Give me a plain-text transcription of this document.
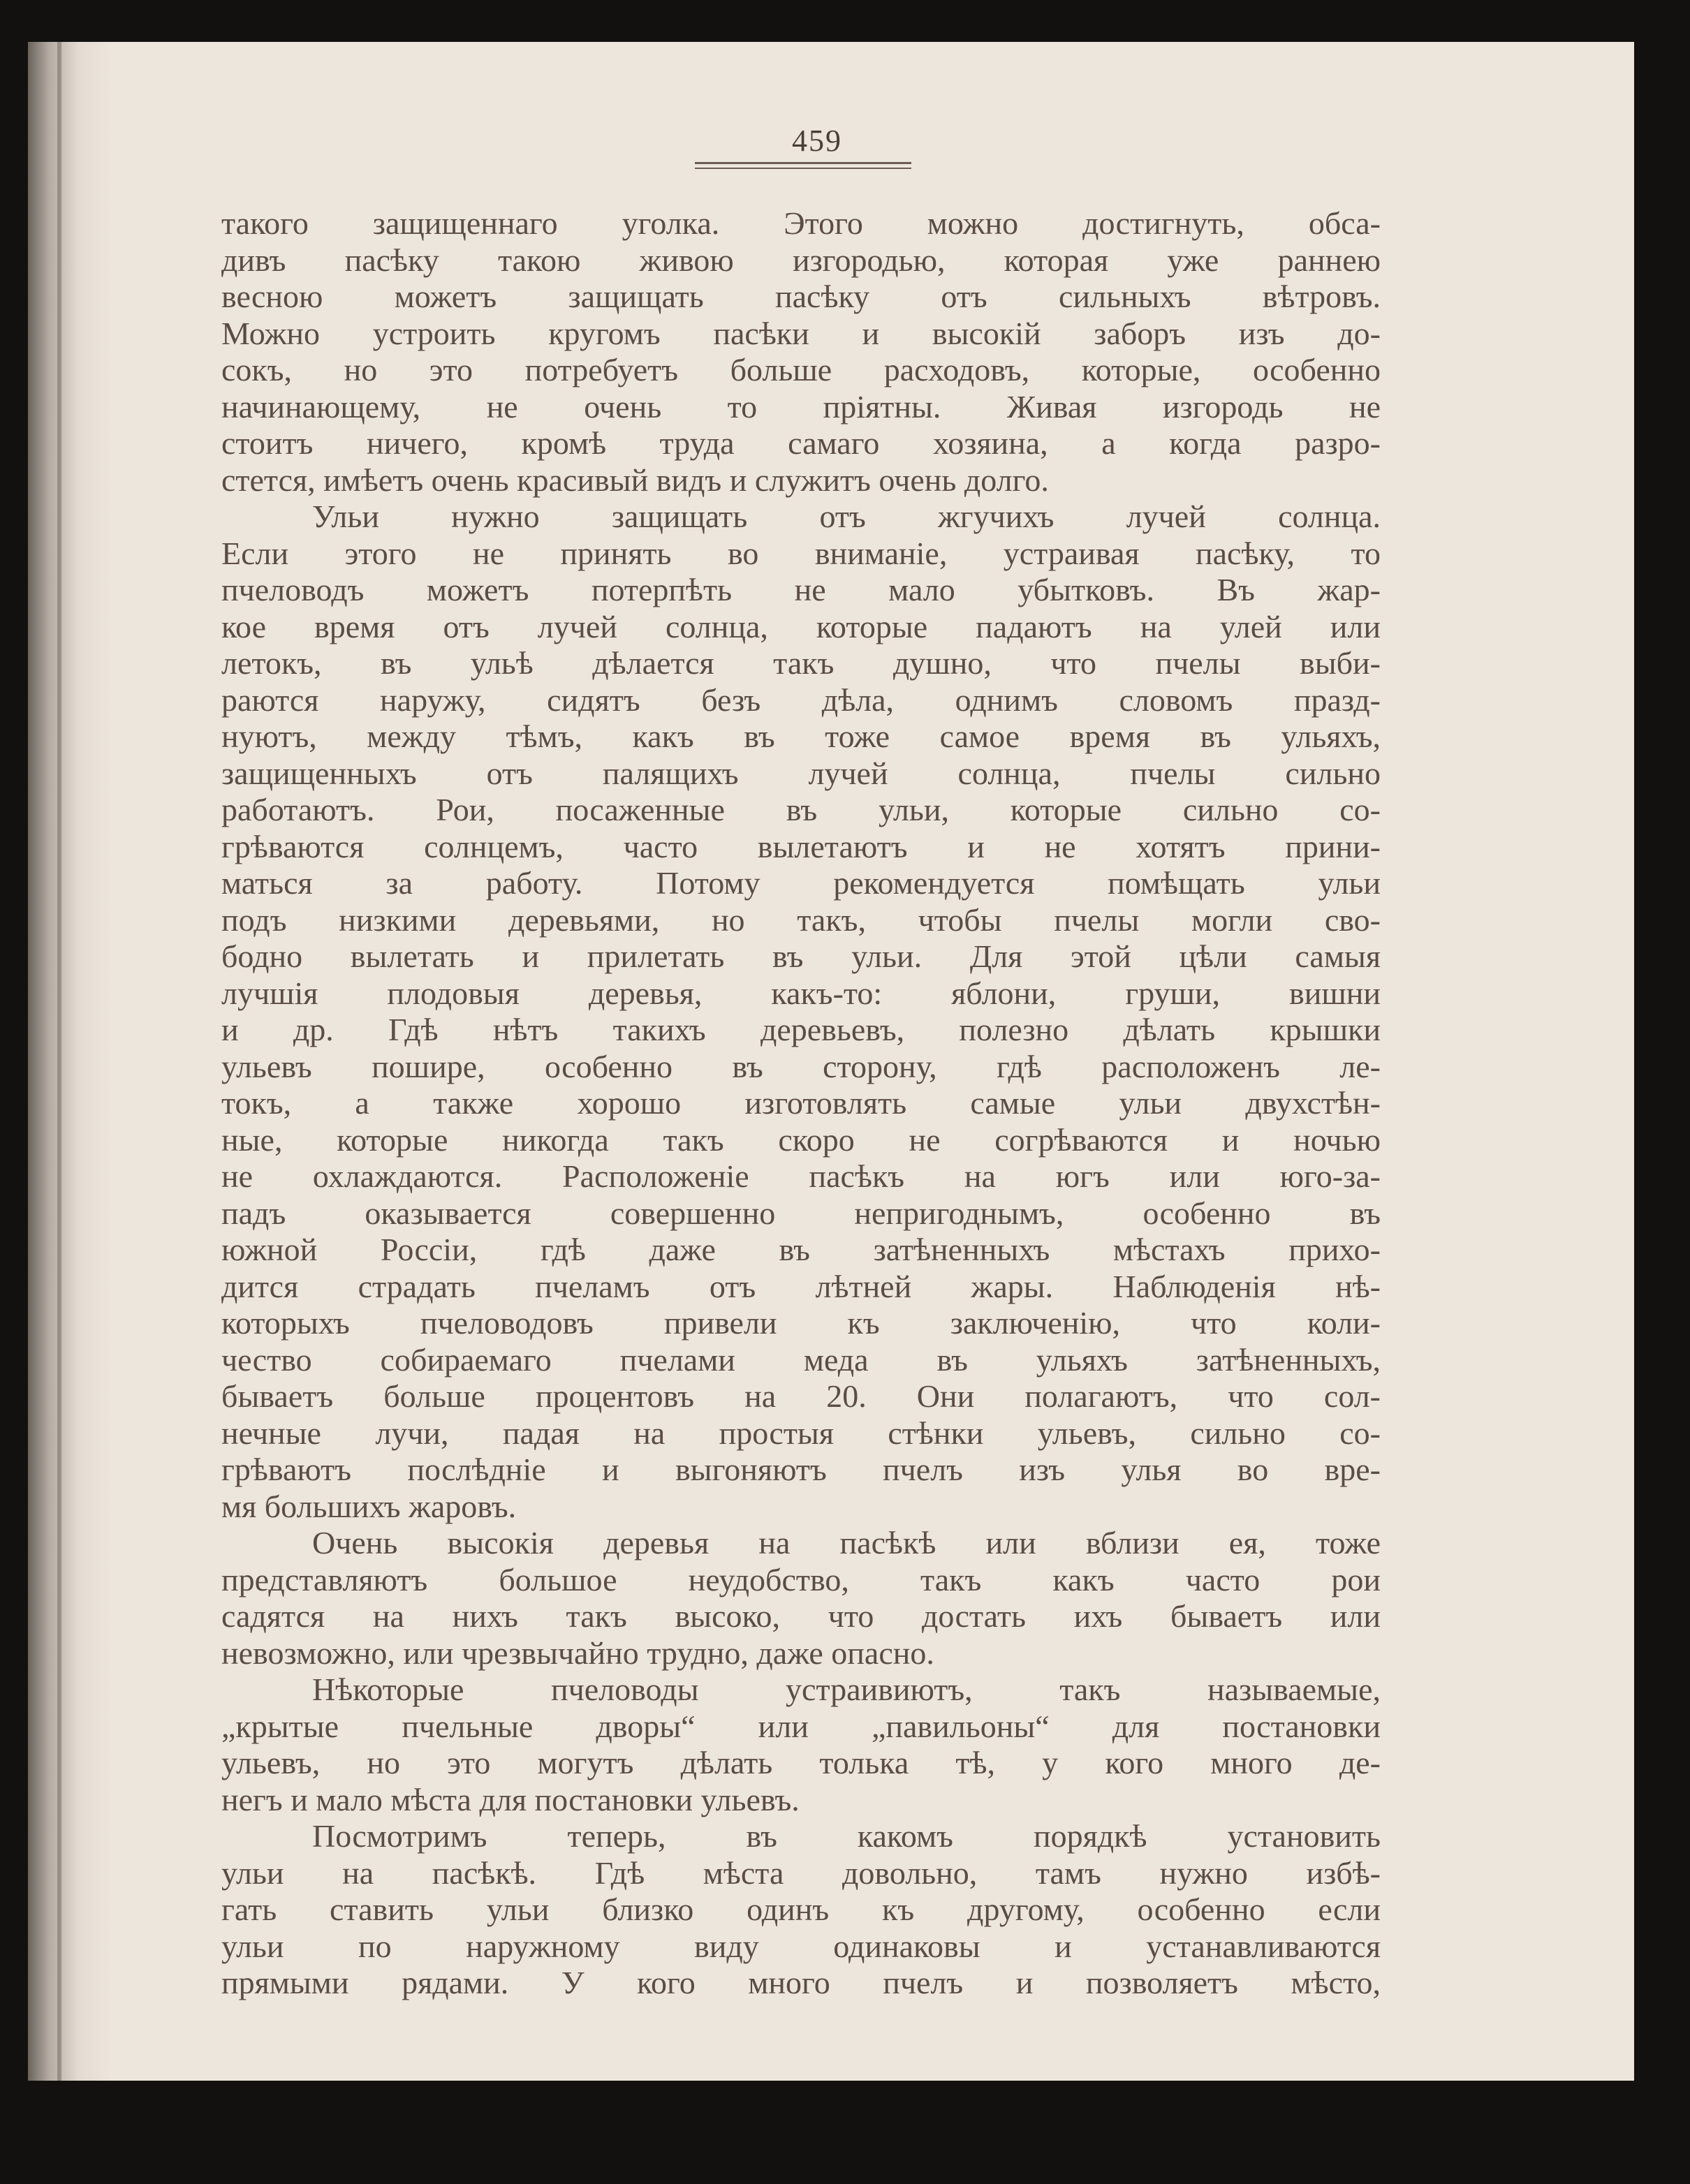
459
такого защищеннаго уголка. Этого можно достигнуть, обса-
дивъ пасѣку такою живою изгородью, которая уже раннею
весною можетъ защищать пасѣку отъ сильныхъ вѣтровъ.
Можно устроить кругомъ пасѣки и высокій заборъ изъ до-
сокъ, но это потребуетъ больше расходовъ, которые, особенно
начинающему, не очень то пріятны. Живая изгородь не
стоитъ ничего, кромѣ труда самаго хозяина, а когда разро-
стется, имѣетъ очень красивый видъ и служитъ очень долго.
Ульи нужно защищать отъ жгучихъ лучей солнца.
Если этого не принять во вниманіе, устраивая пасѣку, то
пчеловодъ можетъ потерпѣть не мало убытковъ. Въ жар-
кое время отъ лучей солнца, которые падаютъ на улей или
летокъ, въ ульѣ дѣлается такъ душно, что пчелы выби-
раются наружу, сидятъ безъ дѣла, однимъ словомъ празд-
нуютъ, между тѣмъ, какъ въ тоже самое время въ ульяхъ,
защищенныхъ отъ палящихъ лучей солнца, пчелы сильно
работаютъ. Рои, посаженные въ ульи, которые сильно со-
грѣваются солнцемъ, часто вылетаютъ и не хотятъ прини-
маться за работу. Потому рекомендуется помѣщать ульи
подъ низкими деревьями, но такъ, чтобы пчелы могли сво-
бодно вылетать и прилетать въ ульи. Для этой цѣли самыя
лучшія плодовыя деревья, какъ-то: яблони, груши, вишни
и др. Гдѣ нѣтъ такихъ деревьевъ, полезно дѣлать крышки
ульевъ пошире, особенно въ сторону, гдѣ расположенъ ле-
токъ, а также хорошо изготовлять самые ульи двухстѣн-
ные, которые никогда такъ скоро не согрѣваются и ночью
не охлаждаются. Расположеніе пасѣкъ на югъ или юго-за-
падъ оказывается совершенно непригоднымъ, особенно въ
южной Россіи, гдѣ даже въ затѣненныхъ мѣстахъ прихо-
дится страдать пчеламъ отъ лѣтней жары. Наблюденія нѣ-
которыхъ пчеловодовъ привели къ заключенію, что коли-
чество собираемаго пчелами меда въ ульяхъ затѣненныхъ,
бываетъ больше процентовъ на 20. Они полагаютъ, что сол-
нечные лучи, падая на простыя стѣнки ульевъ, сильно со-
грѣваютъ послѣдніе и выгоняютъ пчелъ изъ улья во вре-
мя большихъ жаровъ.
Очень высокія деревья на пасѣкѣ или вблизи ея, тоже
представляютъ большое неудобство, такъ какъ часто рои
садятся на нихъ такъ высоко, что достать ихъ бываетъ или
невозможно, или чрезвычайно трудно, даже опасно.
Нѣкоторые пчеловоды устраивиютъ, такъ называемые,
„крытые пчельные дворы“ или „павильоны“ для постановки
ульевъ, но это могутъ дѣлать толька тѣ, у кого много де-
негъ и мало мѣста для постановки ульевъ.
Посмотримъ теперь, въ какомъ порядкѣ установить
ульи на пасѣкѣ. Гдѣ мѣста довольно, тамъ нужно избѣ-
гать ставить ульи близко одинъ къ другому, особенно если
ульи по наружному виду одинаковы и устанавливаются
прямыми рядами. У кого много пчелъ и позволяетъ мѣсто,
